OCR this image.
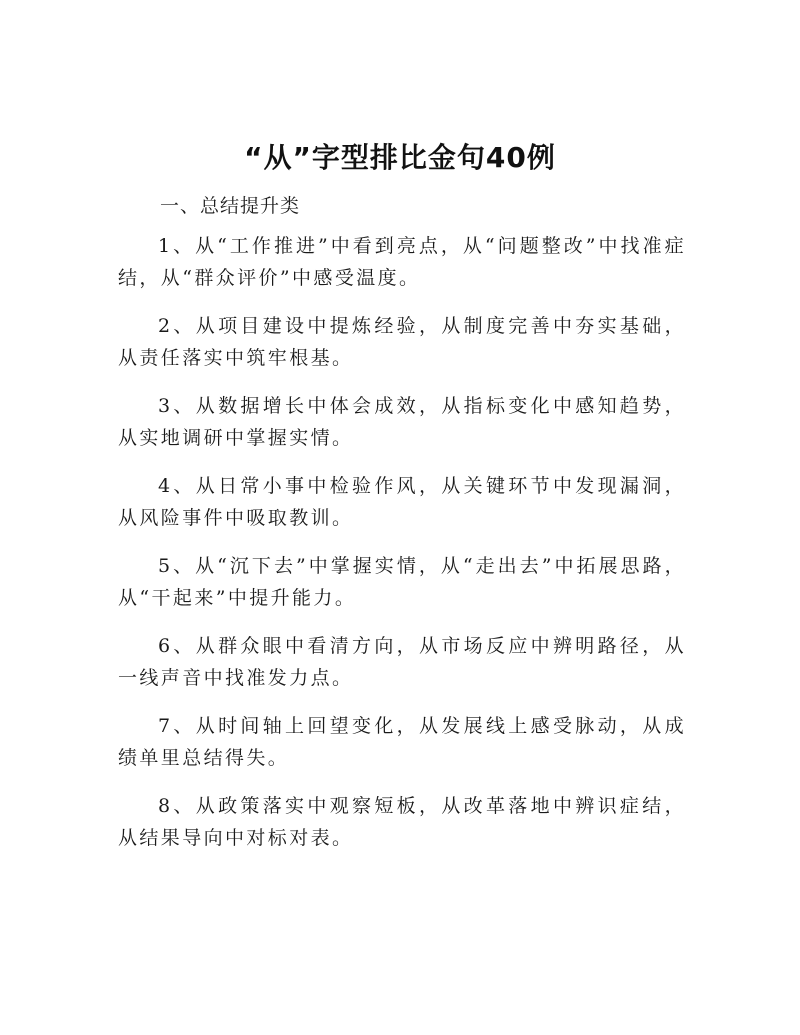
“从”字型排比金句40例
一、总结提升类

1、从“工作推进”中看到亮点，从“问题整改”中找准症结，从“群众评价”中感受温度。

2、从项目建设中提炼经验，从制度完善中夯实基础，从责任落实中筑牢根基。

3、从数据增长中体会成效，从指标变化中感知趋势，从实地调研中掌握实情。

4、从日常小事中检验作风，从关键环节中发现漏洞，从风险事件中吸取教训。

5、从“沉下去”中掌握实情，从“走出去”中拓展思路，从“干起来”中提升能力。

6、从群众眼中看清方向，从市场反应中辨明路径，从一线声音中找准发力点。

7、从时间轴上回望变化，从发展线上感受脉动，从成绩单里总结得失。

8、从政策落实中观察短板，从改革落地中辨识症结，从结果导向中对标对表。
